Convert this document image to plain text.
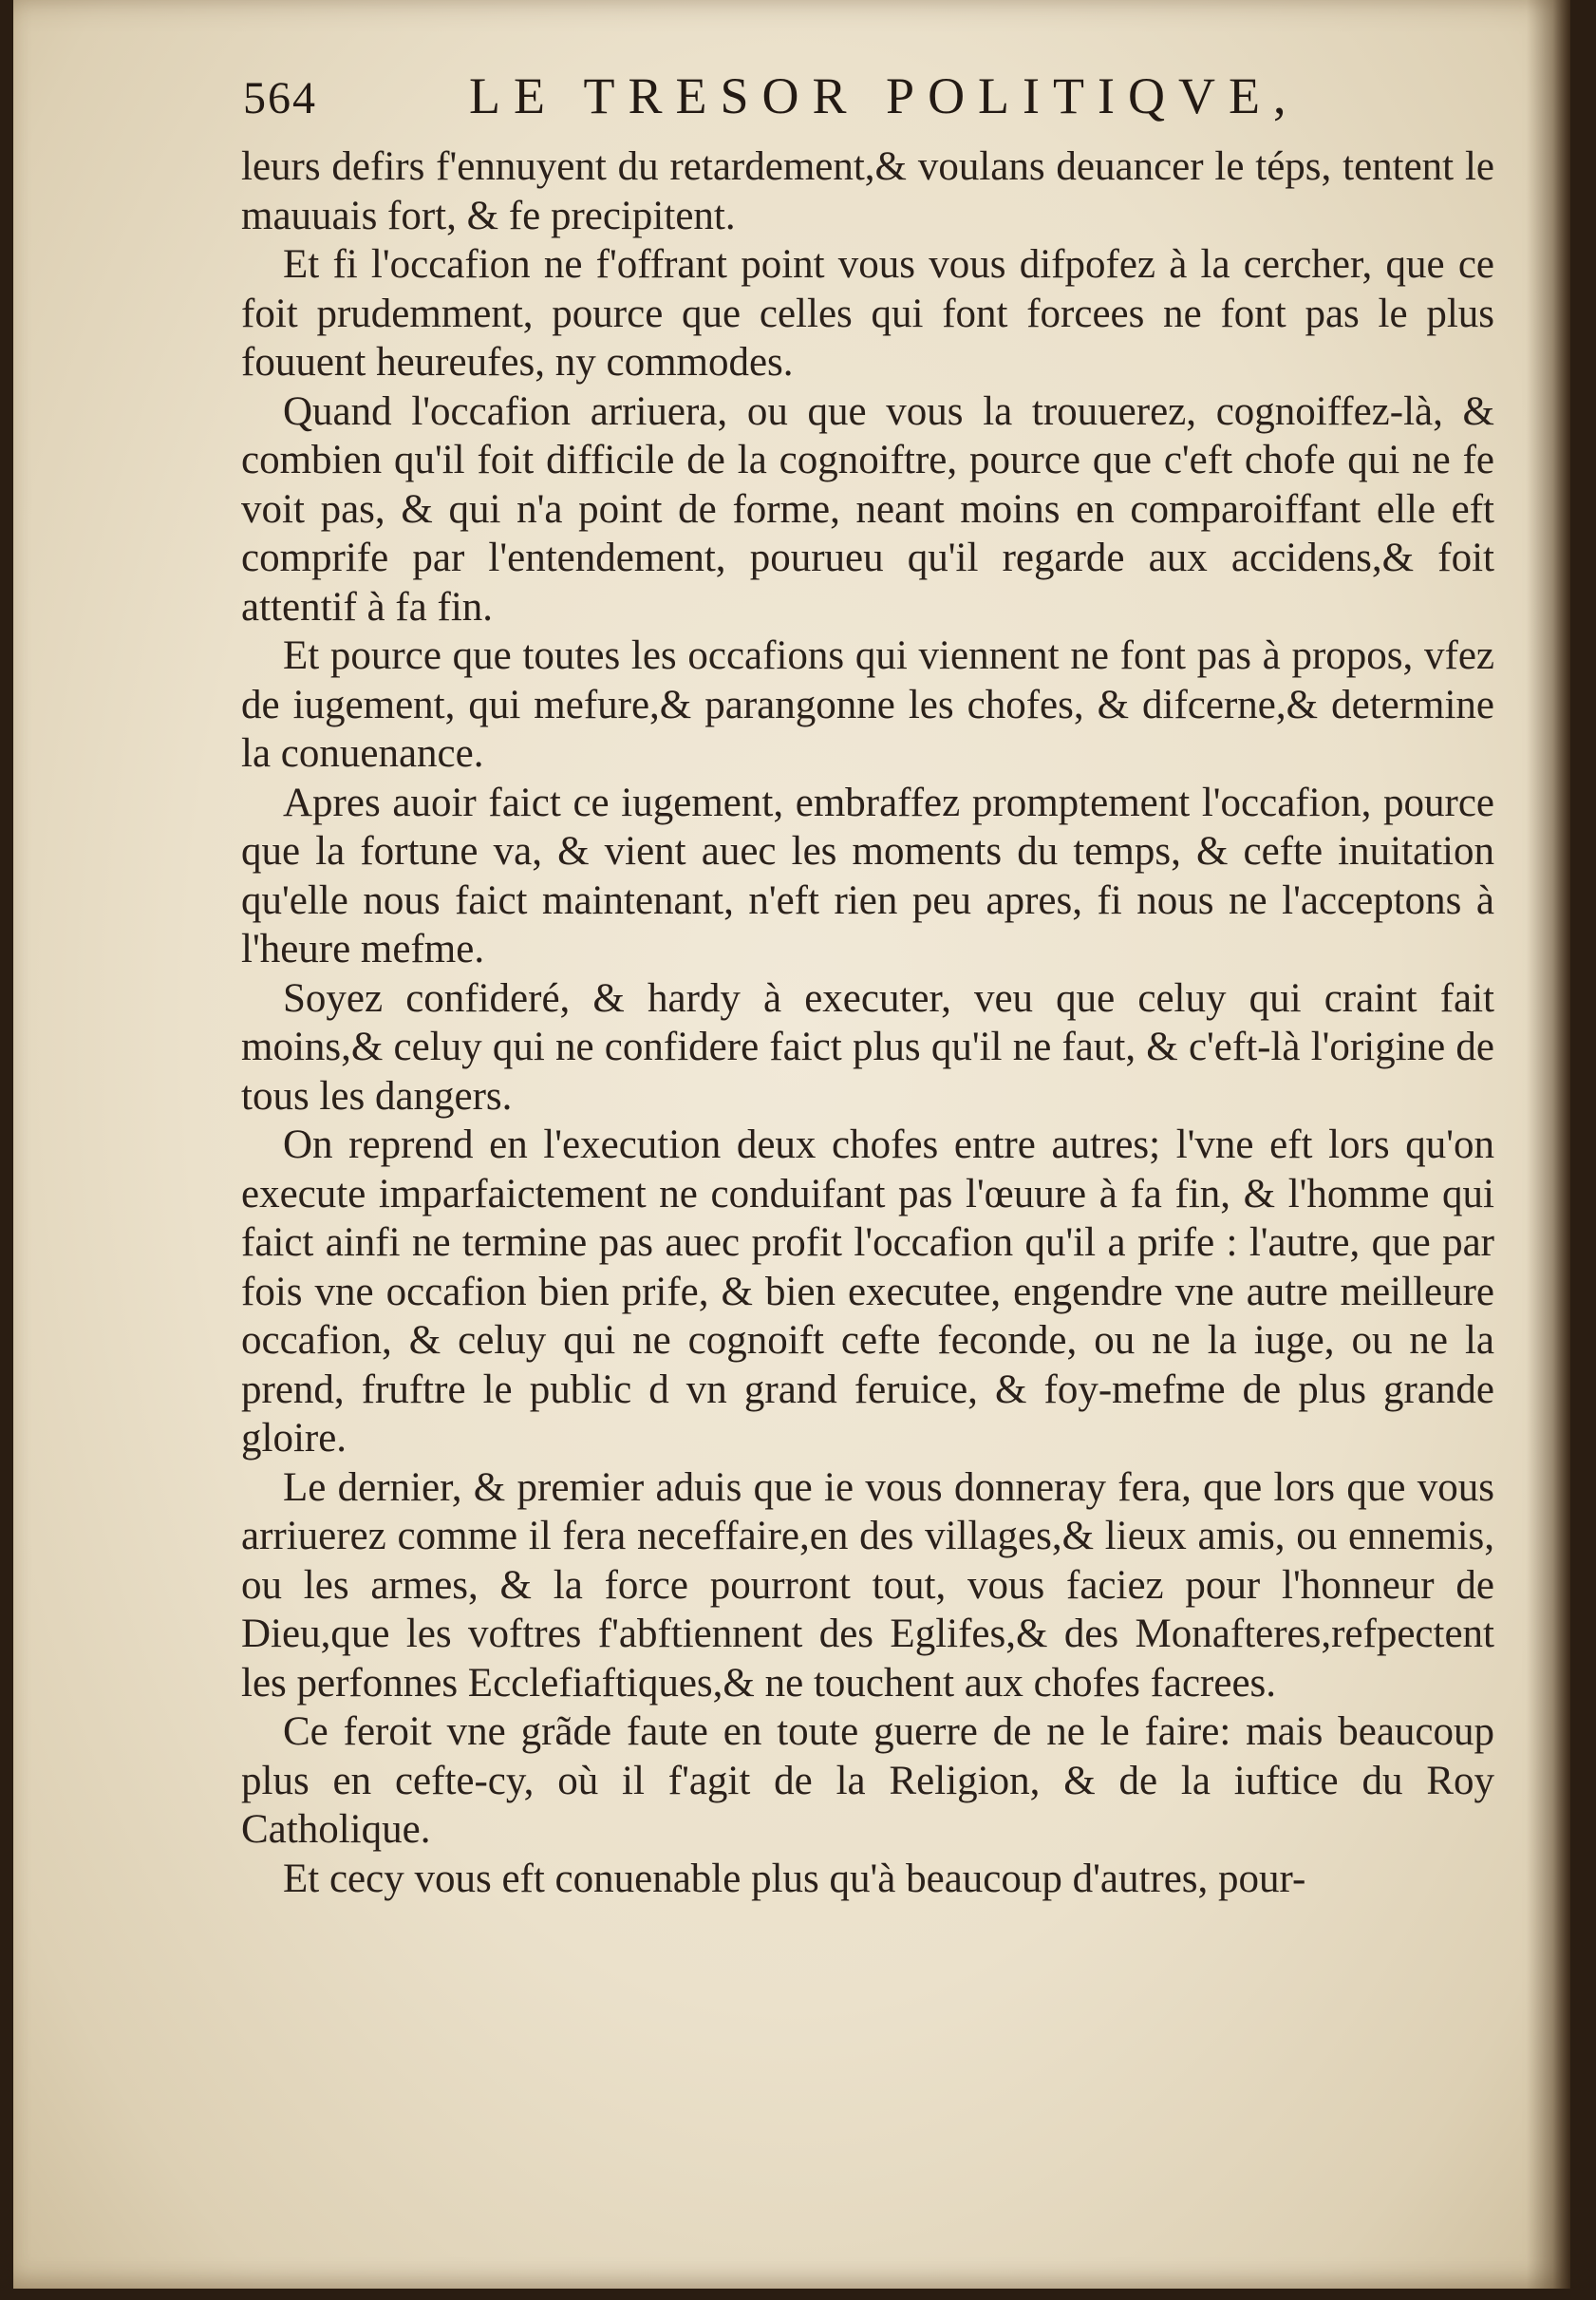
564	LE TRESOR POLITIQVE,

leurs defirs f'ennuyent du retardement,& voulans deuancer le téps, tentent le mauuais fort, & fe precipitent.

Et fi l'occafion ne f'offrant point vous vous difpofez à la cercher, que ce foit prudemment, pource que celles qui font forcees ne font pas le plus fouuent heureufes, ny commodes.

Quand l'occafion arriuera, ou que vous la trouuerez, cognoiffez-là, & combien qu'il foit difficile de la cognoiftre, pource que c'eft chofe qui ne fe voit pas, & qui n'a point de forme, neant moins en comparoiffant elle eft comprife par l'entendement, pourueu qu'il regarde aux accidens,& foit attentif à fa fin.

Et pource que toutes les occafions qui viennent ne font pas à propos, vfez de iugement, qui mefure,& parangonne les chofes, & difcerne,& determine la conuenance.

Apres auoir faict ce iugement, embraffez promptement l'occafion, pource que la fortune va, & vient auec les moments du temps, & cefte inuitation qu'elle nous faict maintenant, n'eft rien peu apres, fi nous ne l'acceptons à l'heure mefme.

Soyez confideré, & hardy à executer, veu que celuy qui craint fait moins,& celuy qui ne confidere faict plus qu'il ne faut, & c'eft-là l'origine de tous les dangers.

On reprend en l'execution deux chofes entre autres; l'vne eft lors qu'on execute imparfaictement ne conduifant pas l'œuure à fa fin, & l'homme qui faict ainfi ne termine pas auec profit l'occafion qu'il a prife : l'autre, que par fois vne occafion bien prife, & bien executee, engendre vne autre meilleure occafion, & celuy qui ne cognoift cefte feconde, ou ne la iuge, ou ne la prend, fruftre le public d vn grand feruice, & foy-mefme de plus grande gloire.

Le dernier, & premier aduis que ie vous donneray fera, que lors que vous arriuerez comme il fera neceffaire,en des villages,& lieux amis, ou ennemis, ou les armes, & la force pourront tout, vous faciez pour l'honneur de Dieu,que les voftres f'abftiennent des Eglifes,& des Monafteres,refpectent les perfonnes Ecclefiaftiques,& ne touchent aux chofes facrees.

Ce feroit vne grãde faute en toute guerre de ne le faire: mais beaucoup plus en cefte-cy, où il f'agit de la Religion, & de la iuftice du Roy Catholique.

Et cecy vous eft conuenable plus qu'à beaucoup d'autres, pour-
